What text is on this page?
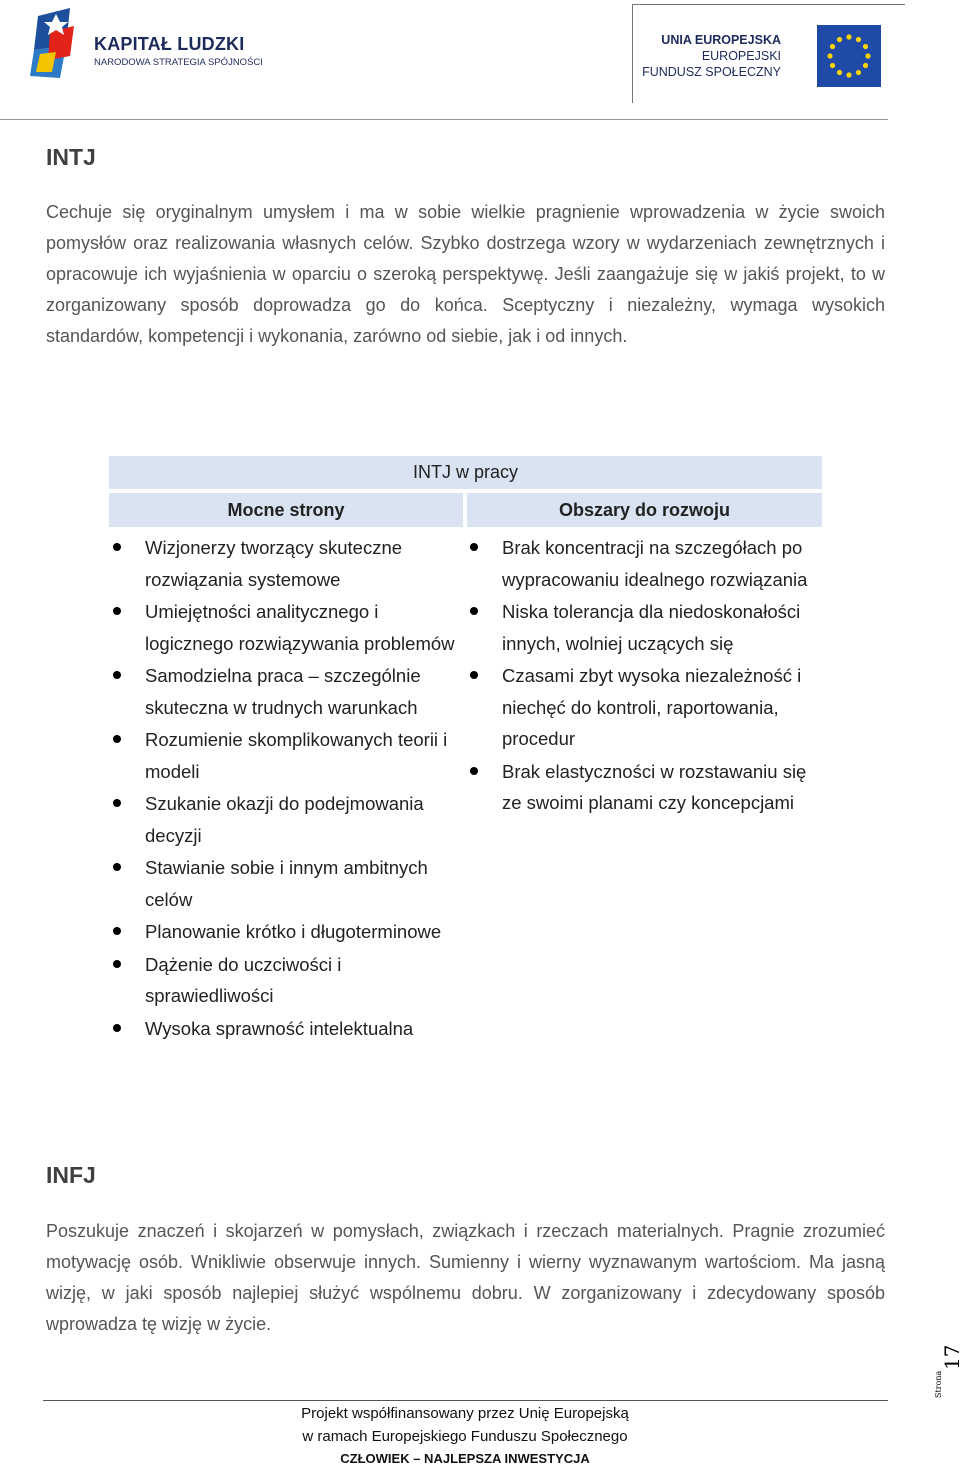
KAPITAŁ LUDZKI
NARODOWA STRATEGIA SPÓJNOŚCI
UNIA EUROPEJSKA
EUROPEJSKI
FUNDUSZ SPOŁECZNY
INTJ
Cechuje się oryginalnym umysłem i ma w sobie wielkie pragnienie wprowadzenia w życie swoich pomysłów oraz realizowania własnych celów. Szybko dostrzega wzory w wydarzeniach zewnętrznych i opracowuje ich wyjaśnienia w oparciu o szeroką perspektywę. Jeśli zaangażuje się w jakiś projekt, to w zorganizowany sposób doprowadza go do końca. Sceptyczny i niezależny, wymaga wysokich standardów, kompetencji i wykonania, zarówno od siebie, jak i od innych.
INTJ w pracy
Mocne strony	Obszary do rozwoju
Wizjonerzy tworzący skuteczne rozwiązania systemowe
Umiejętności analitycznego i logicznego rozwiązywania problemów
Samodzielna praca – szczególnie skuteczna w trudnych warunkach
Rozumienie skomplikowanych teorii i modeli
Szukanie okazji do podejmowania decyzji
Stawianie sobie i innym ambitnych celów
Planowanie krótko i długoterminowe
Dążenie do uczciwości i sprawiedliwości
Wysoka sprawność intelektualna
Brak koncentracji na szczegółach po wypracowaniu idealnego rozwiązania
Niska tolerancja dla niedoskonałości innych, wolniej uczących się
Czasami zbyt wysoka niezależność i niechęć do kontroli, raportowania, procedur
Brak elastyczności w rozstawaniu się ze swoimi planami czy koncepcjami
INFJ
Poszukuje znaczeń i skojarzeń w pomysłach, związkach i rzeczach materialnych. Pragnie zrozumieć motywację osób. Wnikliwie obserwuje innych. Sumienny i wierny wyznawanym wartościom. Ma jasną wizję, w jaki sposób najlepiej służyć wspólnemu dobru. W zorganizowany i zdecydowany sposób wprowadza tę wizję w życie.
Strona
17
Projekt współfinansowany przez Unię Europejską
w ramach Europejskiego Funduszu Społecznego
CZŁOWIEK – NAJLEPSZA INWESTYCJA
